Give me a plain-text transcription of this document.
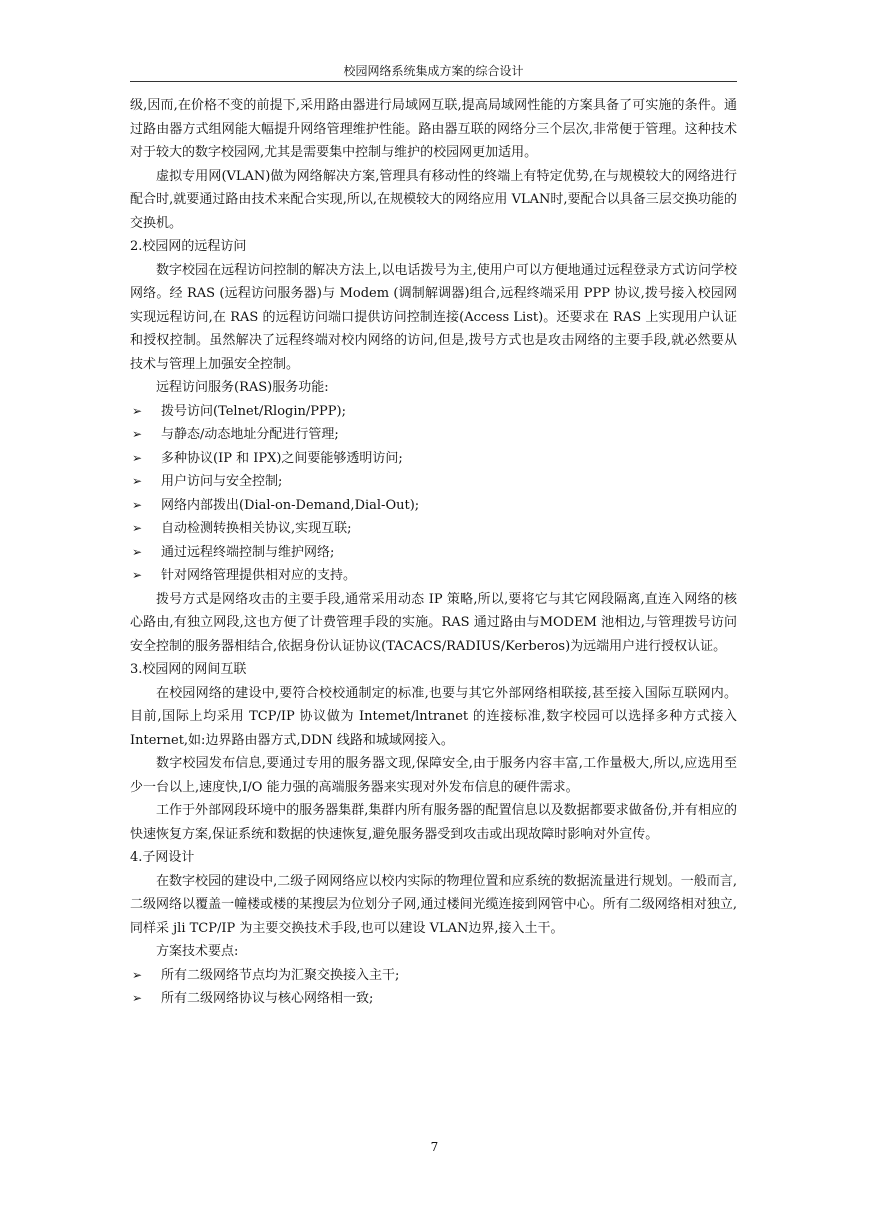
校园网络系统集成方案的综合设计

级,因而,在价格不变的前提下,采用路由器进行局域网互联,提高局域网性能的方案具备了可实施的条件。通过路由器方式组网能大幅提升网络管理维护性能。路由器互联的网络分三个层次,非常便于管理。这种技术对于较大的数字校园网,尤其是需要集中控制与维护的校园网更加适用。

虚拟专用网(VLAN)做为网络解决方案,管理具有移动性的终端上有特定优势,在与规模较大的网络进行配合时,就要通过路由技术来配合实现,所以,在规模较大的网络应用 VLAN时,要配合以具备三层交换功能的交换机。

2.校园网的远程访问

数字校园在远程访问控制的解决方法上,以电话拨号为主,使用户可以方便地通过远程登录方式访问学校网络。经 RAS (远程访问服务器)与 Modem (调制解调器)组合,远程终端采用 PPP 协议,拨号接入校园网实现远程访问,在 RAS 的远程访问端口提供访问控制连接(Access List)。还要求在 RAS 上实现用户认证和授权控制。虽然解决了远程终端对校内网络的访问,但是,拨号方式也是攻击网络的主要手段,就必然要从技术与管理上加强安全控制。

远程访问服务(RAS)服务功能:

➢ 拨号访问(Telnet/Rlogin/PPP);
➢ 与静态/动态地址分配进行管理;
➢ 多种协议(IP 和 IPX)之间要能够透明访问;
➢ 用户访问与安全控制;
➢ 网络内部拨出(Dial-on-Demand,Dial-Out);
➢ 自动检测转换相关协议,实现互联;
➢ 通过远程终端控制与维护网络;
➢ 针对网络管理提供相对应的支持。

拨号方式是网络攻击的主要手段,通常采用动态 IP 策略,所以,要将它与其它网段隔离,直连入网络的核心路由,有独立网段,这也方便了计费管理手段的实施。RAS 通过路由与MODEM 池相边,与管理拨号访问安全控制的服务器相结合,依据身份认证协议(TACACS/RADIUS/Kerberos)为远端用户进行授权认证。

3.校园网的网间互联

在校园网络的建设中,要符合校校通制定的标准,也要与其它外部网络相联接,甚至接入国际互联网内。目前,国际上均采用 TCP/IP 协议做为 Intemet/lntranet 的连接标准,数字校园可以选择多种方式接入 Internet,如:边界路由器方式,DDN 线路和城域网接入。

数字校园发布信息,要通过专用的服务器文现,保障安全,由于服务内容丰富,工作量极大,所以,应选用至少一台以上,速度快,I/O 能力强的高端服务器来实现对外发布信息的硬件需求。

工作于外部网段环境中的服务器集群,集群内所有服务器的配置信息以及数据都要求做备份,并有相应的快速恢复方案,保证系统和数据的快速恢复,避免服务器受到攻击或出现故障时影响对外宣传。

4.子网设计

在数字校园的建设中,二级子网网络应以校内实际的物理位置和应系统的数据流量进行规划。一般而言,二级网络以覆盖一幢楼或楼的某搜层为位划分子网,通过楼间光缆连接到网管中心。所有二级网络相对独立,同样采 jli TCP/IP 为主要交换技术手段,也可以建设 VLAN边界,接入土干。

方案技术要点:

➢ 所有二级网络节点均为汇聚交换接入主干;
➢ 所有二级网络协议与核心网络相一致;
7
